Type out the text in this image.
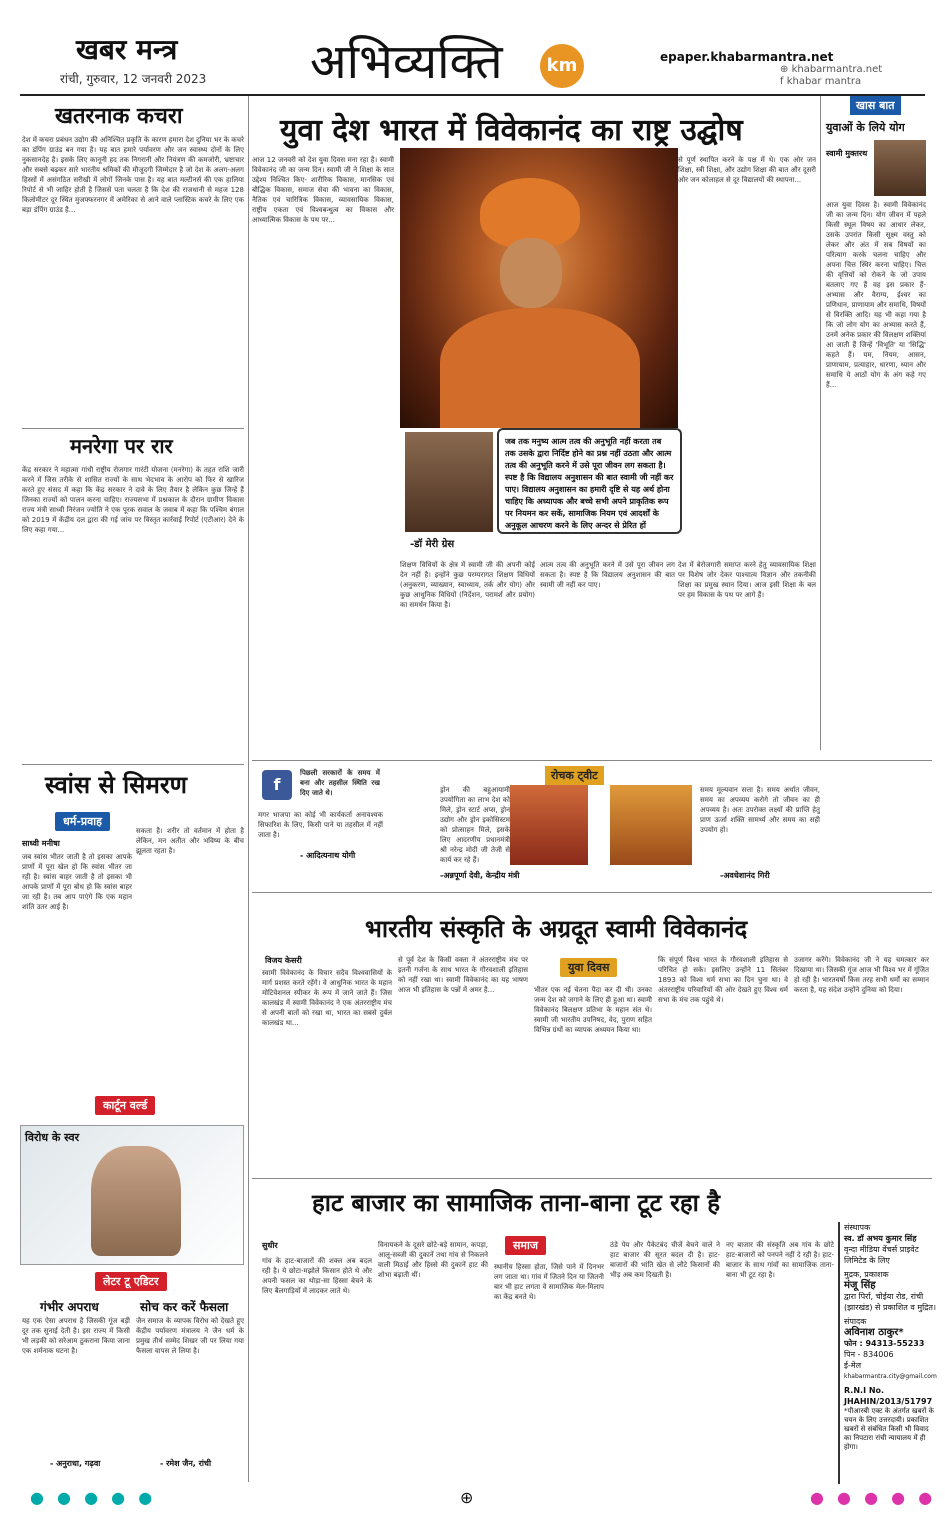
खबर मन्त्र
रांची, गुरुवार, 12 जनवरी 2023 अभिव्यक्ति	km	epaper.khabarmantra.net
⊕ khabarmantra.net
f khabar mantra
खतरनाक कचरा
देश में कचरा प्रबंधन उद्योग की अनिश्चित प्रकृति के कारण हमारा देश दुनिया भर के कचरे का डंपिंग ग्राउंड बन गया है। यह बात हमारे पर्यावरण और जन स्वास्थ्य दोनों के लिए नुकसानदेह है। इसके लिए कानूनी हद तक निगरानी और नियंत्रण की कमजोरी, भ्रष्टाचार और सबसे बढ़कर सारे भारतीय श्रमिकों की मौजूदगी जिम्मेदार है जो देश के अलग-अलग हिस्सों में असंगठित सरीखी में लोगों जिनके पास है। यह बात मल्टीनर्स की एक हालिया रिपोर्ट से भी जाहिर होती है जिससे पता चलता है कि देश की राजधानी से महज 128 किलोमीटर दूर स्थित मुजफ्फरनगर में अमेरिका से आने वाले प्लास्टिक कचरे के लिए एक बड़ा डंपिंग ग्राउंड है...
मनरेगा पर रार
केंद्र सरकार ने महात्मा गांधी राष्ट्रीय रोजगार गारंटी योजना (मनरेगा) के तहत राशि जारी करने में जिस तरीके से शासित राज्यों के साथ भेदभाव के आरोप को फिर से खारिज करते हुए संसद में कहा कि केंद्र सरकार ने दावे के लिए तैयार है लेकिन कुछ जिन्हें हैं जिनका राज्यों को पालन करना चाहिए। राज्यसभा में प्रश्नकाल के दौरान ग्रामीण विकास राज्य मंत्री साध्वी निरंजन ज्योति ने एक पूरक सवाल के जवाब में कहा कि पश्चिम बंगाल को 2019 में केंद्रीय दल द्वारा की गई जांच पर विस्तृत कार्रवाई रिपोर्ट (एटीआर) देने के लिए कहा गया...
स्वांस से सिमरण
धर्म-प्रवाह
साध्वी मनीषा
जब स्वांस भीतर जाती है तो इसका आपके प्राणों में पूरा खेल हो कि स्वांस भीतर जा रही है। स्वांस बाहर जाती है तो इसका भी आपके प्राणों में पूरा बोध हो कि स्वांस बाहर जा रही है। तब आप पाएंगे कि एक महान शांति उतर आई है।
सकता है। शरीर तो वर्तमान में होता है लेकिन, मन अतीत और भविष्य के बीच झूलता रहता है।
कार्टून वर्ल्ड
विरोध के स्वर
लेटर टू एडिटर
गंभीर अपराध
यह एक ऐसा अपराध है जिसकी गूंज बड़ी दूर तक सुनाई देती है। इस राज्य में किसी भी लड़की को सरेआम ठुकराना किया जाना एक शर्मनाक घटना है।
- अनुराधा, गढ़वा
सोच कर करें फैसला
जैन समाज के व्यापक विरोध को देखते हुए केंद्रीय पर्यावरण मंत्रालय ने जैन धर्म के प्रमुख तीर्थ सम्मेद शिखर जी पर लिया गया फैसला वापस ले लिया है।
- रमेश जैन, रांची
युवा देश भारत में विवेकानंद का राष्ट्र उद्घोष
आज 12 जनवरी को देश युवा दिवस मना रहा है। स्वामी विवेकानंद जी का जन्म दिन। स्वामी जी ने शिक्षा के सात उद्देश्य निश्चित किए- शारीरिक विकास, मानसिक एवं बौद्धिक विकास, समाज सेवा की भावना का विकास, नैतिक एवं चारित्रिक विकास, व्यावसायिक विकास, राष्ट्रीय एकता एवं विश्वबन्धुत्व का विकास और आध्यात्मिक विकास के पथ पर...
से पूर्ण स्थापित करने के पक्ष में थे। एक ओर जन शिक्षा, स्त्री शिक्षा, और उद्योग शिक्षा की बात और दूसरी ओर जन कोलाहल से दूर विद्यालयों की स्थापना...
-डॉ मेरी ग्रेस
जब तक मनुष्य आत्म तत्व की अनुभूति नहीं करता तब तक उसके द्वारा निर्दिष्ट होने का प्रश्न नहीं उठता और आत्म तत्व की अनुभूति करने में उसे पूरा जीवन लग सकता है। स्पष्ट है कि विद्यालय अनुशासन की बात स्वामी जी नहीं कर पाए। विद्यालय अनुशासन का हमारी दृष्टि से यह अर्थ होना चाहिए कि अध्यापक और बच्चे सभी अपने प्राकृतिक रूप पर नियमन कर सकें, सामाजिक नियम एवं आदर्शों के अनुकूल आचरण करने के लिए अन्दर से प्रेरित हों
शिक्षण विधियों के क्षेत्र में स्वामी जी की अपनी कोई देन नहीं है। इन्होंने कुछ परम्परागत शिक्षण विधियों (अनुकरण, व्याख्यान, स्वाध्याय, तर्क और योग) और कुछ आधुनिक विधियों (निर्देशन, परामर्श और प्रयोग) का समर्थन किया है।
आत्म तत्व की अनुभूति करने में उसे पूरा जीवन लग सकता है। स्पष्ट है कि विद्यालय अनुशासन की बात स्वामी जी नहीं कर पाए।
देश में बेरोजगारी समाप्त करने हेतु व्यावसायिक शिक्षा पर विशेष जोर देकर पाश्चात्य विज्ञान और तकनीकी शिक्षा का प्रमुख स्थान दिया। आज इसी शिक्षा के बल पर हम विकास के पथ पर आगे हैं।
खास बात
युवाओं के लिये योग
स्वामी मुक्तरथ
आज युवा दिवस है। स्वामी विवेकानंद जी का जन्म दिन। योग जीवन में पहले किसी स्थूल विषय का आधार लेकर, उसके उपरांत किसी सूक्ष्म वस्तु को लेकर और अंत में सब विषयों का परित्याग करके चलना चाहिए और अपना चित्त स्थिर करना चाहिए। चित्त की वृत्तियों को रोकने के जो उपाय बतलाए गए हैं वह इस प्रकार हैं- अभ्यास और वैराग्य, ईश्वर का प्रणिधान, प्राणायाम और समाधि, विषयों से विरक्ति आदि। यह भी कहा गया है कि जो लोग योग का अभ्यास करते हैं, उनमें अनेक प्रकार की विलक्षण शक्तियां आ जाती हैं जिन्हें 'विभूति' या 'सिद्धि' कहते हैं। यम, नियम, आसन, प्राणायाम, प्रत्याहार, धारणा, ध्यान और समाधि ये आठों योग के अंग कहे गए हैं...
f
पिछली सरकारों के समय में बना और तहसील स्थिति रख दिए जाते थे।
मगर भाजपा का कोई भी कार्यकर्ता अनावश्यक सिफारिश के लिए, किसी पाने या तहसील में नहीं जाता है।
- आदित्यनाथ योगी
रोचक ट्वीट
ड्रोन की बहुआयामी उपयोगिता का लाभ देश को मिले, ड्रोन स्टार्ट अप्स, ड्रोन उद्योग और ड्रोन इकोसिस्टम को प्रोत्साहन मिले, इसके लिए आदरणीय प्रधानमंत्री श्री नरेन्द्र मोदी जी तेजी से कार्य कर रहे हैं।
-अन्नपूर्णा देवी, केन्द्रीय मंत्री
समय मूल्यवान सत्ता है। समय अर्थात जीवन, समय का अपव्यय करोगे तो जीवन का ही अपव्यय है। अतः उपरोक्त लक्ष्यों की प्राप्ति हेतु प्राण ऊर्जा शक्ति सामर्थ्य और समय का सही उपयोग हो।
-अवधेशानंद गिरी
भारतीय संस्कृति के अग्रदूत स्वामी विवेकानंद
विजय केसरी
युवा दिवस
स्वामी विवेकानंद के विचार सदैव विश्ववासियों के मार्ग प्रशस्त करते रहेंगे। वे आधुनिक भारत के महान मोटिवेशनल स्पीकर के रूप में जाने जाते हैं। जिस कालखंड में स्वामी विवेकानंद ने एक अंतरराष्ट्रीय मंच से अपनी बातों को रखा था, भारत का सबसे दुर्बल कालखंड था...
से पूर्व देश के किसी वक्ता ने अंतरराष्ट्रीय मंच पर इतनी गर्जना के साथ भारत के गौरवशाली इतिहास को नहीं रखा था। स्वामी विवेकानंद का यह भाषण आज भी इतिहास के पन्नों में अमर है...	भीतर एक नई चेतना पैदा कर दी थी। उनका जन्म देश को जगाने के लिए ही हुआ था। स्वामी विवेकानंद बिलक्षण प्रतिभा के महान संत थे। स्वामी जी भारतीय उपनिषद, वेद, पुराण सहित विभिन्न ग्रंथों का व्यापक अध्ययन किया था।
कि संपूर्ण विश्व भारत के गौरवशाली इतिहास से परिचित हो सके। इसलिए उन्होंने 11 सितंबर 1893 को विश्व धर्म सभा का दिन चुना था। वे अंतरराष्ट्रीय परिवारियों की ओर देखते हुए विश्व धर्म सभा के मंच तक पहुंचे थे।
उजागर करेंगे। विवेकानंद जी ने यह चमत्कार कर दिखाया था। जिसकी गूंज आज भी विश्व भर में गूंजित हो रही है। भारतवर्षो किस तरह सभी धर्मों का सम्मान करता है, यह संदेश उन्होंने दुनिया को दिया।
हाट बाजार का सामाजिक ताना-बाना टूट रहा है
सुधीर	समाज
गांव के हाट-बाजारों की शक्ल अब बदल रही है। ये छोटा-मझोले किसान होते थे और अपनी फसल का थोड़ा-सा हिस्सा बेचने के लिए बैलगाड़ियों में लादकर लाते थे।
विनायकने के दूसरे छोटे-बड़े सामान, कपड़ा, आलू-सब्जी की दुकानें तथा गांव से निकलने वाली मिठाई और हिस्से की दुकानें हाट की शोभा बढ़ाती थीं।
स्थानीय हिस्सा होता, जिसे पाने में दिनभर लग जाता था। गांव में जितने दिन या जितनी बार भी हाट लगता वे सामाजिक मेल-मिलाप का केंद्र बनते थे।
ठंडे पेय और पैकेटबंद चीजें बेचने वाले ने हाट बाजार की सूरत बदल दी है। हाट-बाजारों की भांति खेत से लौटे किसानों की भीड़ अब कम दिखती है।
नए बाजार की संस्कृति अब गांव के छोटे हाट-बाजारों को पनपने नहीं दे रही है। हाट-बाजार के साथ गांवों का सामाजिक ताना-बाना भी टूट रहा है।
संस्थापक
स्व. डॉ अभय कुमार सिंह
वृन्दा मीडिया वेंचर्स प्राइवेट लिमिटेड के लिए
मुद्रक, प्रकाशक
मंजू सिंह
द्वारा पिर्रा, चोईया रोड, रांची (झारखंड) से प्रकाशित व मुद्रित।
संपादक
अविनाश ठाकुर*
फोन : 94313-55233
पिन - 834006
ई-मेल
khabarmantra.city@gmail.com
R.N.I No. JHAHIN/2013/51797
*पीआरबी एक्ट के अंतर्गत खबरों के चयन के लिए उत्तरदायी। प्रकाशित खबरों से संबंधित किसी भी विवाद का निपटारा रांची न्यायालय में ही होगा।
● ● ● ● ●	⊕	● ● ● ● ●
